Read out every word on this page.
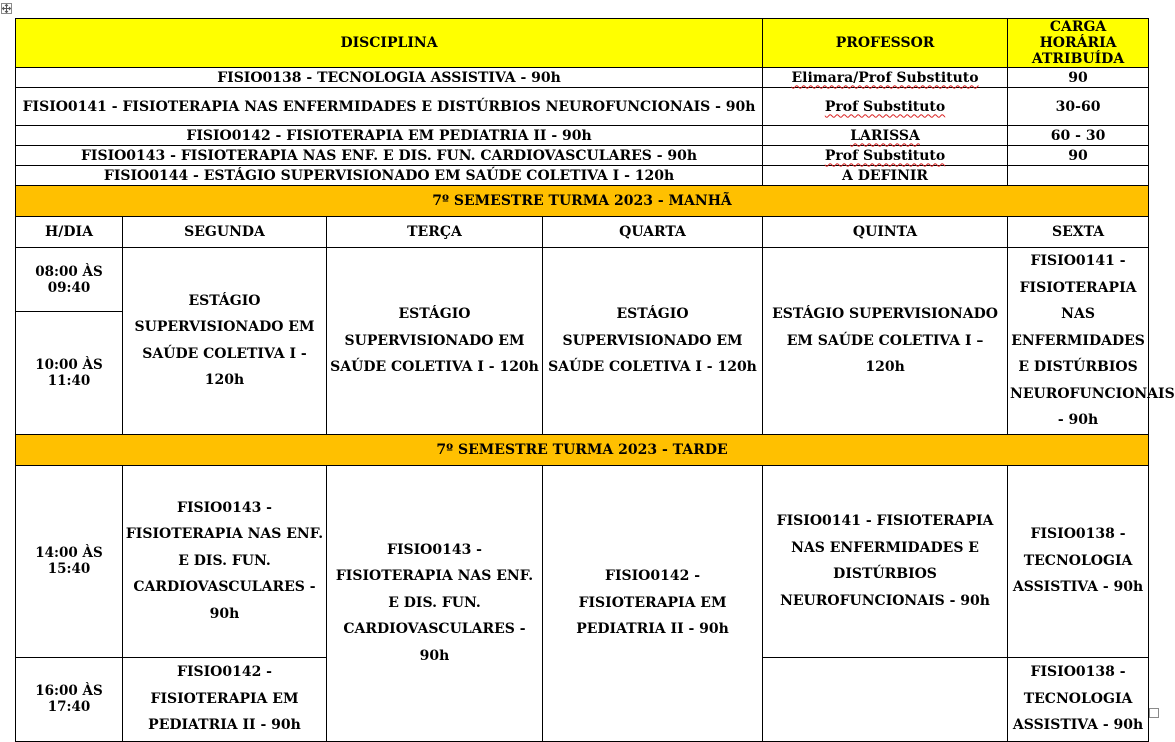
DISCIPLINA				PROFESSOR	CARGA HORÁRIA ATRIBUÍDA
FISIO0138 - TECNOLOGIA ASSISTIVA - 90h				Elimara/Prof Substituto	90
FISIO0141 - FISIOTERAPIA NAS ENFERMIDADES E DISTÚRBIOS NEUROFUNCIONAIS - 90h				Prof Substituto	30-60
FISIO0142 - FISIOTERAPIA EM PEDIATRIA II - 90h				LARISSA	60 - 30
FISIO0143 - FISIOTERAPIA NAS ENF. E DIS. FUN. CARDIOVASCULARES - 90h				Prof Substituto	90
FISIO0144 - ESTÁGIO SUPERVISIONADO EM SAÚDE COLETIVA I - 120h				A DEFINIR	
7º SEMESTRE TURMA 2023 - MANHÃ					
H/DIA	SEGUNDA	TERÇA	QUARTA	QUINTA	SEXTA
08:00 ÀS 09:40	ESTÁGIO SUPERVISIONADO EM SAÚDE COLETIVA I - 120h	ESTÁGIO SUPERVISIONADO EM SAÚDE COLETIVA I - 120h	ESTÁGIO SUPERVISIONADO EM SAÚDE COLETIVA I - 120h	ESTÁGIO SUPERVISIONADO EM SAÚDE COLETIVA I – 120h	FISIO0141 - FISIOTERAPIA NAS ENFERMIDADES E DISTÚRBIOS NEUROFUNCIONAIS - 90h
10:00 ÀS 11:40					
7º SEMESTRE TURMA 2023 - TARDE					
14:00 ÀS 15:40	FISIO0143 - FISIOTERAPIA NAS ENF. E DIS. FUN. CARDIOVASCULARES - 90h	FISIO0143 - FISIOTERAPIA NAS ENF. E DIS. FUN. CARDIOVASCULARES - 90h	FISIO0142 - FISIOTERAPIA EM PEDIATRIA II - 90h	FISIO0141 - FISIOTERAPIA NAS ENFERMIDADES E DISTÚRBIOS NEUROFUNCIONAIS - 90h	FISIO0138 - TECNOLOGIA ASSISTIVA - 90h
16:00 ÀS 17:40	FISIO0142 - FISIOTERAPIA EM PEDIATRIA II - 90h				FISIO0138 - TECNOLOGIA ASSISTIVA - 90h
